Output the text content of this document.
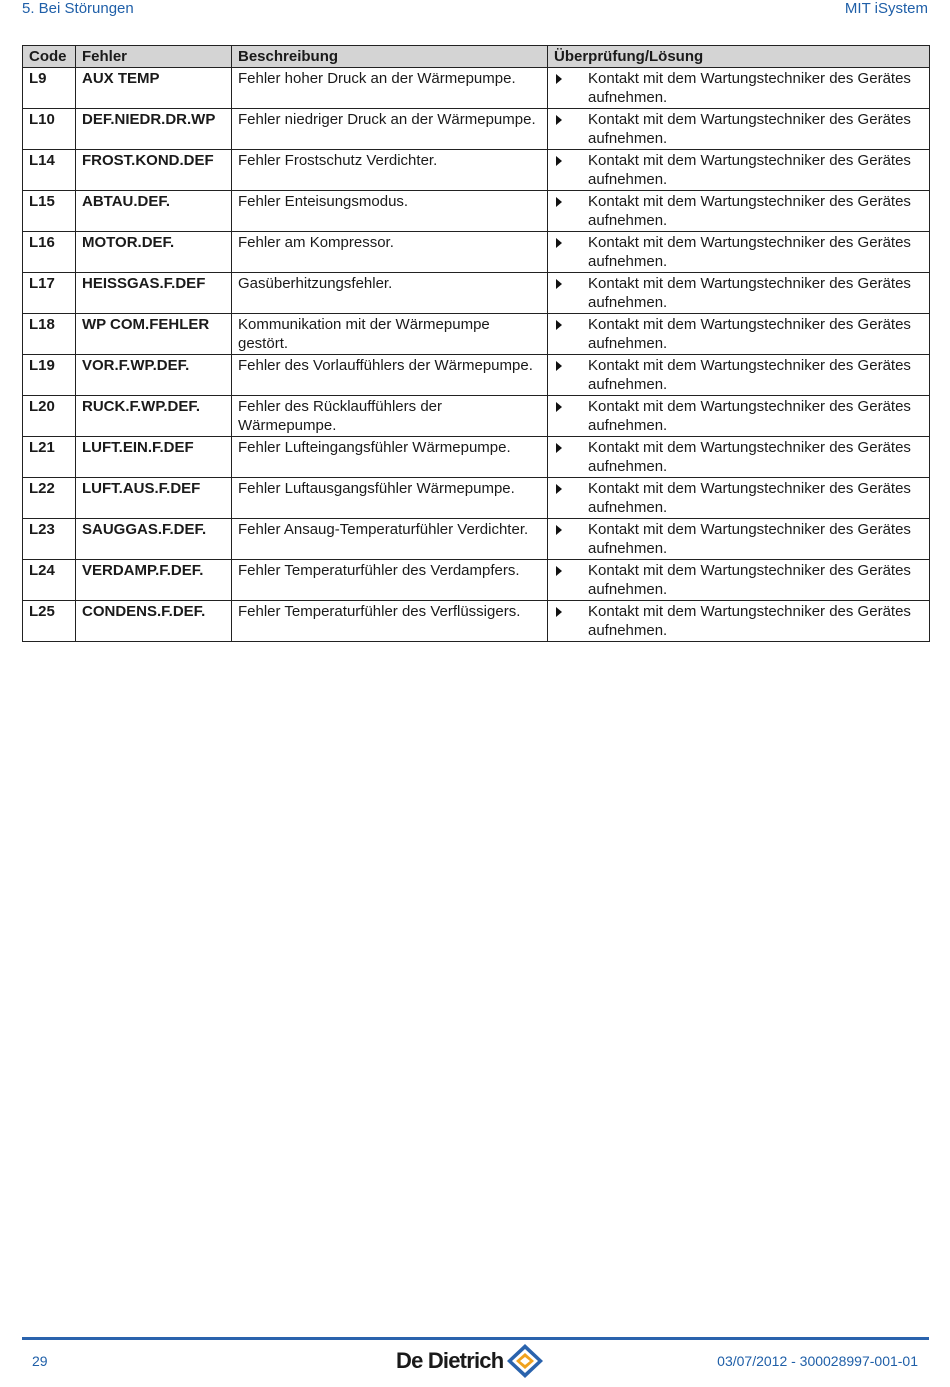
5. Bei Störungen	MIT iSystem
Code	Fehler	Beschreibung	Überprüfung/Lösung
L9	AUX TEMP	Fehler hoher Druck an der Wärmepumpe.	Kontakt mit dem Wartungstechniker des Gerätes aufnehmen.

L10	DEF.NIEDR.DR.WP	Fehler niedriger Druck an der Wärmepumpe.	Kontakt mit dem Wartungstechniker des Gerätes aufnehmen.

L14	FROST.KOND.DEF	Fehler Frostschutz Verdichter.	Kontakt mit dem Wartungstechniker des Gerätes aufnehmen.

L15	ABTAU.DEF.	Fehler Enteisungsmodus.	Kontakt mit dem Wartungstechniker des Gerätes aufnehmen.

L16	MOTOR.DEF.	Fehler am Kompressor.	Kontakt mit dem Wartungstechniker des Gerätes aufnehmen.

L17	HEISSGAS.F.DEF	Gasüberhitzungsfehler.	Kontakt mit dem Wartungstechniker des Gerätes aufnehmen.

L18	WP COM.FEHLER	Kommunikation mit der Wärmepumpe gestört.	Kontakt mit dem Wartungstechniker des Gerätes aufnehmen.

L19	VOR.F.WP.DEF.	Fehler des Vorlauffühlers der Wärmepumpe.	Kontakt mit dem Wartungstechniker des Gerätes aufnehmen.

L20	RUCK.F.WP.DEF.	Fehler des Rücklauffühlers der Wärmepumpe.	Kontakt mit dem Wartungstechniker des Gerätes aufnehmen.

L21	LUFT.EIN.F.DEF	Fehler Lufteingangsfühler Wärmepumpe.	Kontakt mit dem Wartungstechniker des Gerätes aufnehmen.

L22	LUFT.AUS.F.DEF	Fehler Luftausgangsfühler Wärmepumpe.	Kontakt mit dem Wartungstechniker des Gerätes aufnehmen.

L23	SAUGGAS.F.DEF.	Fehler Ansaug-Temperaturfühler Verdichter.	Kontakt mit dem Wartungstechniker des Gerätes aufnehmen.

L24	VERDAMP.F.DEF.	Fehler Temperaturfühler des Verdampfers.	Kontakt mit dem Wartungstechniker des Gerätes aufnehmen.

L25	CONDENS.F.DEF.	Fehler Temperaturfühler des Verflüssigers.	Kontakt mit dem Wartungstechniker des Gerätes aufnehmen.
29	De Dietrich	03/07/2012 - 300028997-001-01
